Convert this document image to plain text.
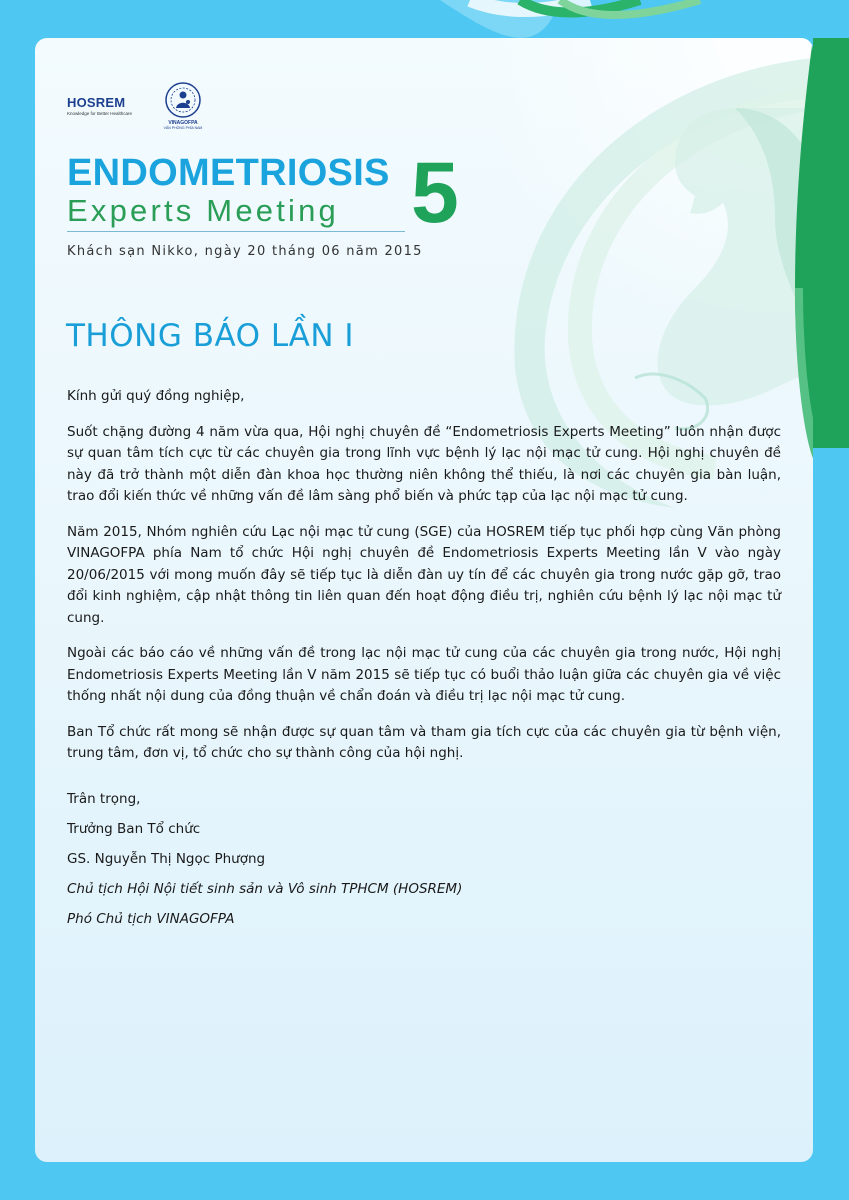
HOSREM
Knowledge for Better Healthcare
VINAGOFPA
VĂN PHÒNG PHÍA NAM
ENDOMETRIOSIS
Experts Meeting 5
Khách sạn Nikko, ngày 20 tháng 06 năm 2015
THÔNG BÁO LẦN I

Kính gửi quý đồng nghiệp,

Suốt chặng đường 4 năm vừa qua, Hội nghị chuyên đề “Endometriosis Experts Meeting” luôn nhận được sự quan tâm tích cực từ các chuyên gia trong lĩnh vực bệnh lý lạc nội mạc tử cung. Hội nghị chuyên đề này đã trở thành một diễn đàn khoa học thường niên không thể thiếu, là nơi các chuyên gia bàn luận, trao đổi kiến thức về những vấn đề lâm sàng phổ biến và phức tạp của lạc nội mạc tử cung.

Năm 2015, Nhóm nghiên cứu Lạc nội mạc tử cung (SGE) của HOSREM tiếp tục phối hợp cùng Văn phòng VINAGOFPA phía Nam tổ chức Hội nghị chuyên đề Endometriosis Experts Meeting lần V vào ngày 20/06/2015 với mong muốn đây sẽ tiếp tục là diễn đàn uy tín để các chuyên gia trong nước gặp gỡ, trao đổi kinh nghiệm, cập nhật thông tin liên quan đến hoạt động điều trị, nghiên cứu bệnh lý lạc nội mạc tử cung.

Ngoài các báo cáo về những vấn đề trong lạc nội mạc tử cung của các chuyên gia trong nước, Hội nghị Endometriosis Experts Meeting lần V năm 2015 sẽ tiếp tục có buổi thảo luận giữa các chuyên gia về việc thống nhất nội dung của đồng thuận về chẩn đoán và điều trị lạc nội mạc tử cung.

Ban Tổ chức rất mong sẽ nhận được sự quan tâm và tham gia tích cực của các chuyên gia từ bệnh viện, trung tâm, đơn vị, tổ chức cho sự thành công của hội nghị.

Trân trọng,
Trưởng Ban Tổ chức
GS. Nguyễn Thị Ngọc Phượng
Chủ tịch Hội Nội tiết sinh sản và Vô sinh TPHCM (HOSREM)
Phó Chủ tịch VINAGOFPA
